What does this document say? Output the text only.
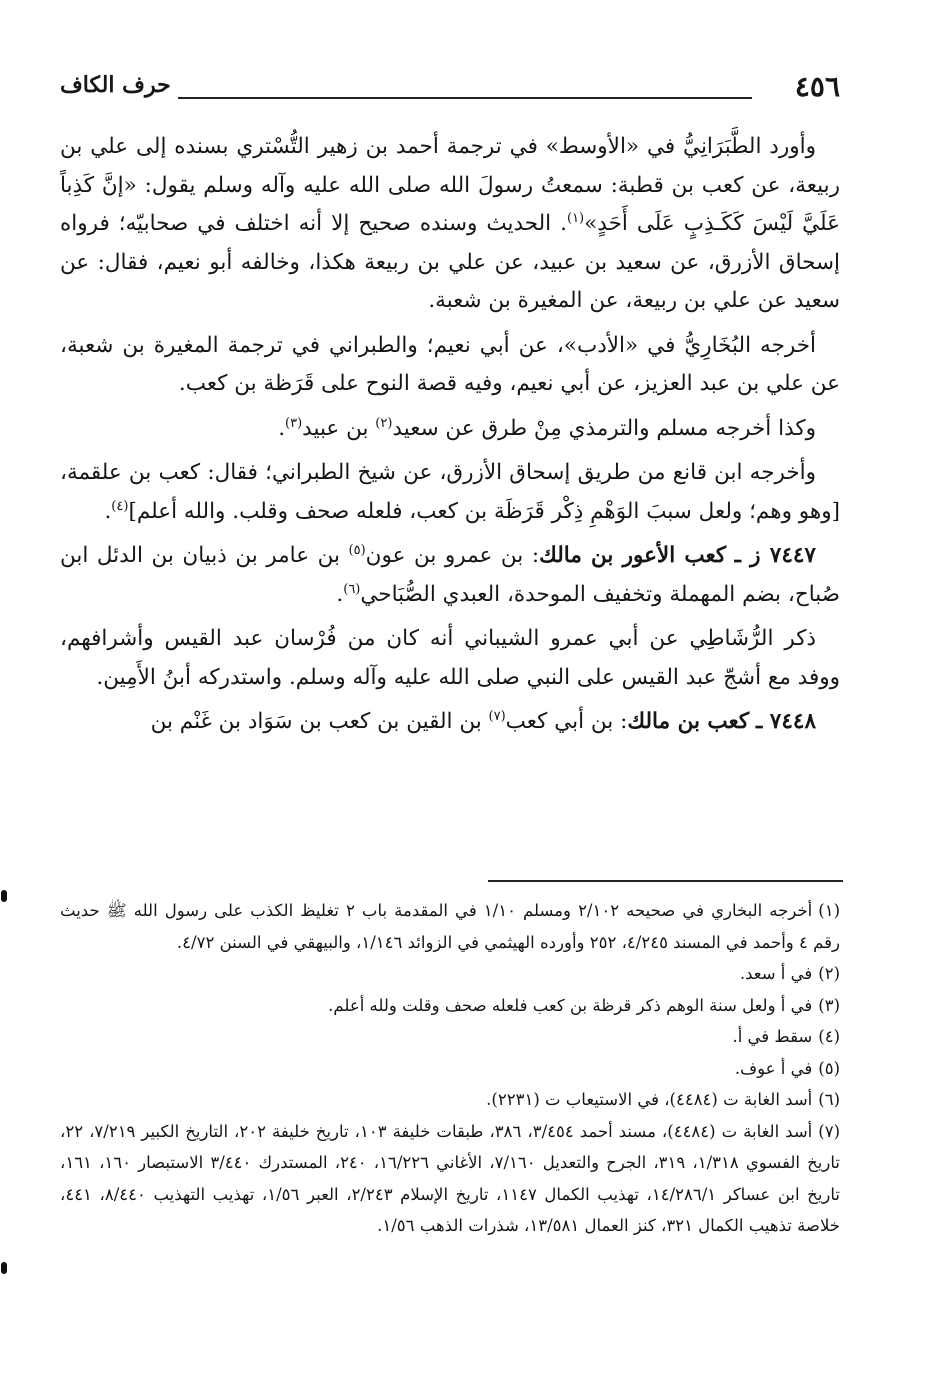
٤٥٦
حرف الكاف

وأورد الطَّبَرَانِيُّ في «الأوسط» في ترجمة أحمد بن زهير التُّسْتري بسنده إلى علي بن ربيعة، عن كعب بن قطبة: سمعتُ رسولَ الله صلى الله عليه وآله وسلم يقول: «إنَّ كَذِباً عَلَيَّ لَيْسَ كَكَـذِبٍ عَلَى أَحَدٍ»$^{(١)}$. الحديث وسنده صحيح إلا أنه اختلف في صحابيّه؛ فرواه إسحاق الأزرق، عن سعيد بن عبيد، عن علي بن ربيعة هكذا، وخالفه أبو نعيم، فقال: عن سعيد عن علي بن ربيعة، عن المغيرة بن شعبة.

أخرجه البُخَارِيُّ في «الأدب»، عن أبي نعيم؛ والطبراني في ترجمة المغيرة بن شعبة، عن علي بن عبد العزيز، عن أبي نعيم، وفيه قصة النوح على قَرَظة بن كعب.

وكذا أخرجه مسلم والترمذي مِنْ طرق عن سعيد$^{(٢)}$ بن عبيد$^{(٣)}$.

وأخرجه ابن قانع من طريق إسحاق الأزرق، عن شيخ الطبراني؛ فقال: كعب بن علقمة، [وهو وهم؛ ولعل سببَ الوَهْمِ ذِكْر قَرَظَة بن كعب، فلعله صحف وقلب. والله أعلم]$^{(٤)}$.

٧٤٤٧ ز ـ كعب الأعور بن مالك: بن عمرو بن عون$^{(٥)}$ بن عامر بن ذبيان بن الدئل ابن صُباح، بضم المهملة وتخفيف الموحدة، العبدي الصُّبَاحي$^{(٦)}$.

ذكر الرُّشَاطِي عن أبي عمرو الشيباني أنه كان من فُرْسان عبد القيس وأشرافهم، ووفد مع أشجّ عبد القيس على النبي صلى الله عليه وآله وسلم. واستدركه أبنُ الأَمِين.

٧٤٤٨ ـ كعب بن مالك: بن أبي كعب$^{(٧)}$ بن القين بن كعب بن سَوَاد بن غَنْم بن

(١)أخرجه البخاري في صحيحه ٢/١٠٢ ومسلم ١/١٠ في المقدمة باب ٢ تغليظ الكذب على رسول الله ﷺ حديث رقم ٤ وأحمد في المسند ٤/٢٤٥، ٢٥٢ وأورده الهيثمي في الزوائد ١/١٤٦، والبيهقي في السنن ٤/٧٢.

(٢)في أ سعد.

(٣)في أ ولعل سنة الوهم ذكر قرظة بن كعب فلعله صحف وقلت ولله أعلم.

(٤)سقط في أ.

(٥)في أ عوف.

(٦)أسد الغابة ت (٤٤٨٤)، في الاستيعاب ت (٢٢٣١).

(٧)أسد الغابة ت (٤٤٨٤)، مسند أحمد ٣/٤٥٤، ٣٨٦، طبقات خليفة ١٠٣، تاريخ خليفة ٢٠٢، التاريخ الكبير ٧/٢١٩، ٢٢، تاريخ الفسوي ١/٣١٨، ٣١٩، الجرح والتعديل ٧/١٦٠، الأغاني ١٦/٢٢٦، ٢٤٠، المستدرك ٣/٤٤٠ الاستبصار ١٦٠، ١٦١، تاريخ ابن عساكر ١٤/٢٨٦/١، تهذيب الكمال ١١٤٧، تاريخ الإسلام ٢/٢٤٣، العبر ١/٥٦، تهذيب التهذيب ٨/٤٤٠، ٤٤١، خلاصة تذهيب الكمال ٣٢١، كنز العمال ١٣/٥٨١، شذرات الذهب ١/٥٦.
